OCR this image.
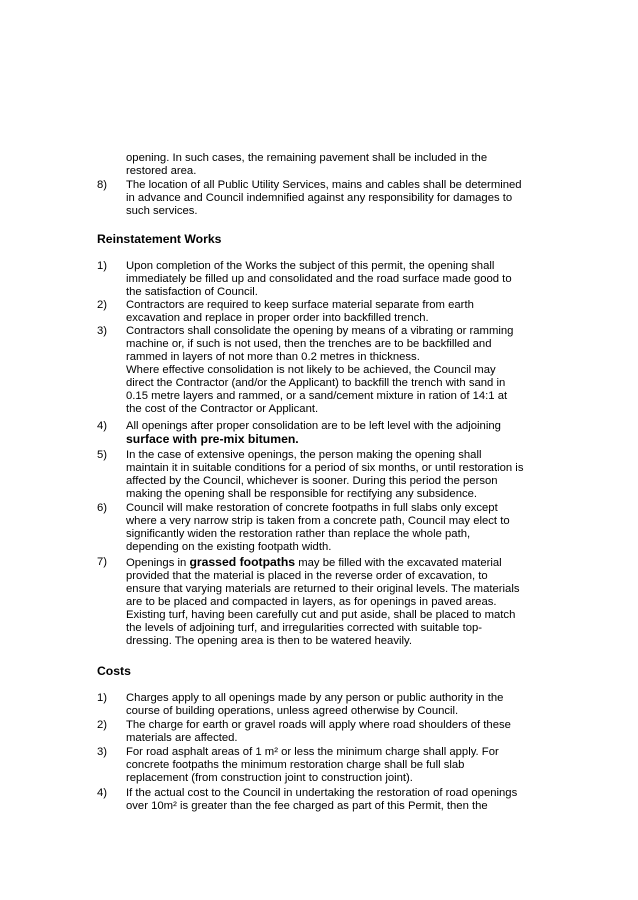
opening. In such cases, the remaining pavement shall be included in the
restored area.
8) The location of all Public Utility Services, mains and cables shall be determined
in advance and Council indemnified against any responsibility for damages to
such services.
Reinstatement Works
1) Upon completion of the Works the subject of this permit, the opening shall
immediately be filled up and consolidated and the road surface made good to
the satisfaction of Council.
2) Contractors are required to keep surface material separate from earth
excavation and replace in proper order into backfilled trench.
3) Contractors shall consolidate the opening by means of a vibrating or ramming
machine or, if such is not used, then the trenches are to be backfilled and
rammed in layers of not more than 0.2 metres in thickness.
Where effective consolidation is not likely to be achieved, the Council may
direct the Contractor (and/or the Applicant) to backfill the trench with sand in
0.15 metre layers and rammed, or a sand/cement mixture in ration of 14:1 at
the cost of the Contractor or Applicant.
4) All openings after proper consolidation are to be left level with the adjoining
surface with pre-mix bitumen.
5) In the case of extensive openings, the person making the opening shall
maintain it in suitable conditions for a period of six months, or until restoration is
affected by the Council, whichever is sooner. During this period the person
making the opening shall be responsible for rectifying any subsidence.
6) Council will make restoration of concrete footpaths in full slabs only except
where a very narrow strip is taken from a concrete path, Council may elect to
significantly widen the restoration rather than replace the whole path,
depending on the existing footpath width.
7) Openings in grassed footpaths may be filled with the excavated material
provided that the material is placed in the reverse order of excavation, to
ensure that varying materials are returned to their original levels. The materials
are to be placed and compacted in layers, as for openings in paved areas.
Existing turf, having been carefully cut and put aside, shall be placed to match
the levels of adjoining turf, and irregularities corrected with suitable top-
dressing. The opening area is then to be watered heavily.
Costs
1) Charges apply to all openings made by any person or public authority in the
course of building operations, unless agreed otherwise by Council.
2) The charge for earth or gravel roads will apply where road shoulders of these
materials are affected.
3) For road asphalt areas of 1 m² or less the minimum charge shall apply. For
concrete footpaths the minimum restoration charge shall be full slab
replacement (from construction joint to construction joint).
4) If the actual cost to the Council in undertaking the restoration of road openings
over 10m² is greater than the fee charged as part of this Permit, then the
